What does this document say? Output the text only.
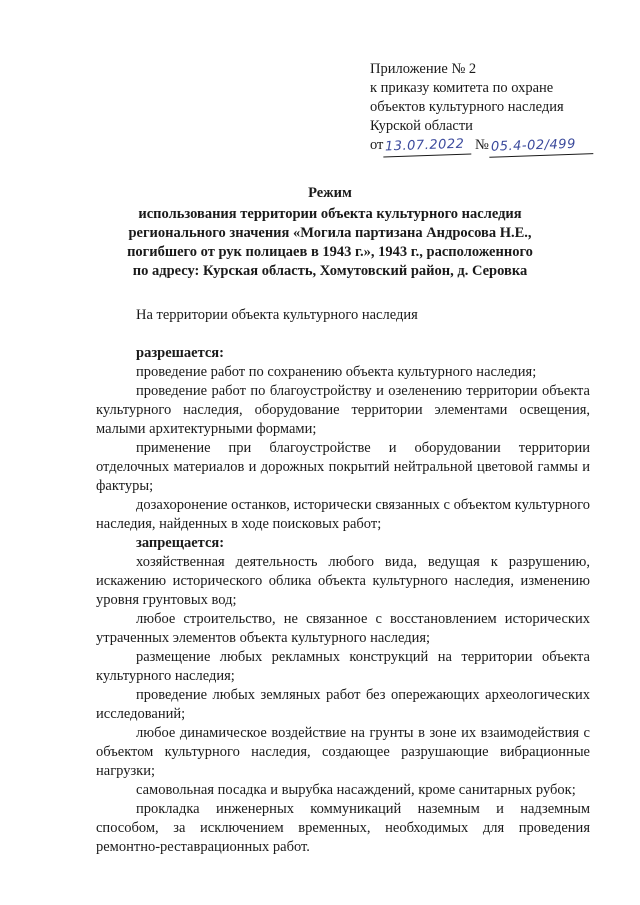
Приложение № 2
к приказу комитета по охране
объектов культурного наследия
Курской области
от 13.07.2022 № 05.4-02/499
Режим
использования территории объекта культурного наследия
регионального значения «Могила партизана Андросова Н.Е.,
погибшего от рук полицаев в 1943 г.», 1943 г., расположенного
по адресу: Курская область, Хомутовский район, д. Серовка
На территории объекта культурного наследия
разрешается:

проведение работ по сохранению объекта культурного наследия;

проведение работ по благоустройству и озеленению территории объекта культурного наследия, оборудование территории элементами освещения, малыми архитектурными формами;

применение при благоустройстве и оборудовании территории отделочных материалов и дорожных покрытий нейтральной цветовой гаммы и фактуры;

дозахоронение останков, исторически связанных с объектом культурного наследия, найденных в ходе поисковых работ;

запрещается:

хозяйственная деятельность любого вида, ведущая к разрушению, искажению исторического облика объекта культурного наследия, изменению уровня грунтовых вод;

любое строительство, не связанное с восстановлением исторических утраченных элементов объекта культурного наследия;

размещение любых рекламных конструкций на территории объекта культурного наследия;

проведение любых земляных работ без опережающих археологических исследований;

любое динамическое воздействие на грунты в зоне их взаимодействия с объектом культурного наследия, создающее разрушающие вибрационные нагрузки;

самовольная посадка и вырубка насаждений, кроме санитарных рубок;

прокладка инженерных коммуникаций наземным и надземным способом, за исключением временных, необходимых для проведения ремонтно-реставрационных работ.
